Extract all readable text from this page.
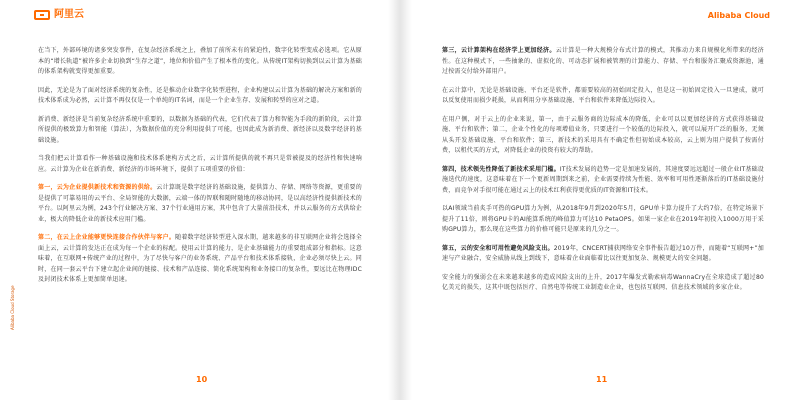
阿里云

在当下，外部环境的诸多突发事件，在复杂经济系统之上，叠加了前所未有的紧迫性，数字化转型变成必选项。它从原本的“增长轨道”被许多企业切换到“生存之道”，地位和价值产生了根本性的变化。从传统IT架构切换到以云计算为基础的体系架构就变得更加重要。

因此，无论是为了面对经济系统的复杂性，还是推动企业数字化转型进程，企业构建以云计算为基础的解决方案和新的技术体系成为必然，云计算不再仅仅是一个单纯的IT名词，而是一个企业生存、发展和转型的应对之道。

新消费、新经济是当前复杂经济系统中重要的，以数据为基础的代表，它们代表了算力和智能为手段的新阶段，云计算所提供的极致算力和智能（算法），为数据价值的充分利用提供了可能，也因此成为新消费、新经济以及数字经济的基础设施。

当我们把云计算看作一种基础设施和技术体系建构方式之后，云计算所提供的就不再只是常被提及的经济性和快速响应。云计算为企业在新消费、新经济的市场环境下，提供了五项重要的价值：

第一，云为企业提供新技术和资源的供给。云计算既是数字经济的基础设施，提供算力、存储、网络等资源，更重要的是提供了可靠易用的云平台、全局智能的大数据，云端一体的智联和随时随地的移动协同，是以高经济性提供新技术的平台。以阿里云为例，243个行业解决方案、37个行业通用方案，其中包含了大量前沿技术，并以云服务的方式供给企业，极大的降低企业的新技术应用门槛。

第二，在云上企业能够更快连接合作伙伴与客户。随着数字经济转型进入深水期，越来越多的非互联网企业将会选择全面上云，云计算的发达正在成为每一个企业的标配。使用云计算的能力，是企业基础能力的重要组成部分和指标。这意味着，在互联网+传统产业的过程中，为了尽快与客户的业务系统、产品平台和技术体系接轨，企业必须尽快上云。同时，在同一套云平台下建立起企业间的链接、技术和产品连接、简化系统架构和业务接口的复杂性，要远比在物理IDC及封闭技术体系上更加简单迅速。

Alibaba Cloud Storage
Alibaba Cloud

第三，云计算架构在经济学上更加经济。云计算是一种大规模分布式计算的模式，其推动力来自规模化所带来的经济性。在这种模式下，一些抽象的、虚拟化的、可动态扩展和被管理的计算能力、存储、平台和服务汇聚成资源池，通过按需交付给外部用户。

在云计算中，无论是基础设施、平台还是软件，都需要较高的初始固定投入，但是这一初始固定投入一旦建成，就可以反复使用而损少耗损，从而利用分享基础设施、平台和软件来降低边际投入。

在用户侧，对于云上的企业来说，第一，由于云服务商的边际成本的降低，企业可以以更加经济的方式获得基础设施、平台和软件；第二，企业个性化的每项增值业务，只要进行一个较低的边际投入，就可以展开广泛的服务，无须从头开发基础设施、平台和软件；第三，新技术的采用具有不确定性但初始成本较高，云上则为用户提供了按需付费，以租代买的方式，对降低企业的投资有较大的帮助。

第四，技术领先性降低了新技术采用门槛。IT技术发展的趋势一定是加速发展的，其速度要远远超过一般企业IT基础设施迭代的速度，这意味着在下一个更新周期到来之前，企业需要持续为性能、效率和可用性逐渐落后的IT基础设施付费，而竞争对手很可能在通过云上的技术红利获得更优质的IT资源和IT技术。

以AI领域当前炙手可热的GPU算力为例，从2018年9月到2020年5月，GPU单卡算力提升了大约7倍，在特定场景下提升了11倍，则将GPU卡的AI能算系统的峰值算力可达10 PetaOPS。如果一家企业在2019年初投入1000万用于采购GPU算力，那么现在这些算力的价格可能只是原来的几分之一。

第五，云的安全和可用性避免风险支出。2019年，CNCERT捕获网络安全事件报告超过10万件，而随着“互联网+”加速与产业融合，安全威胁从线上到线下，意味着企业面临着比以往更加复杂、规模更大的安全问题。

安全能力的强弱会在未来越来越多的造成风险支出的上升，2017年爆发式勒索病毒WannaCry在全球造成了超过80亿美元的损失，这其中既包括医疗、自然电等传统工业制造业企业，也包括互联网、信息技术领域的多家企业。

10	11
